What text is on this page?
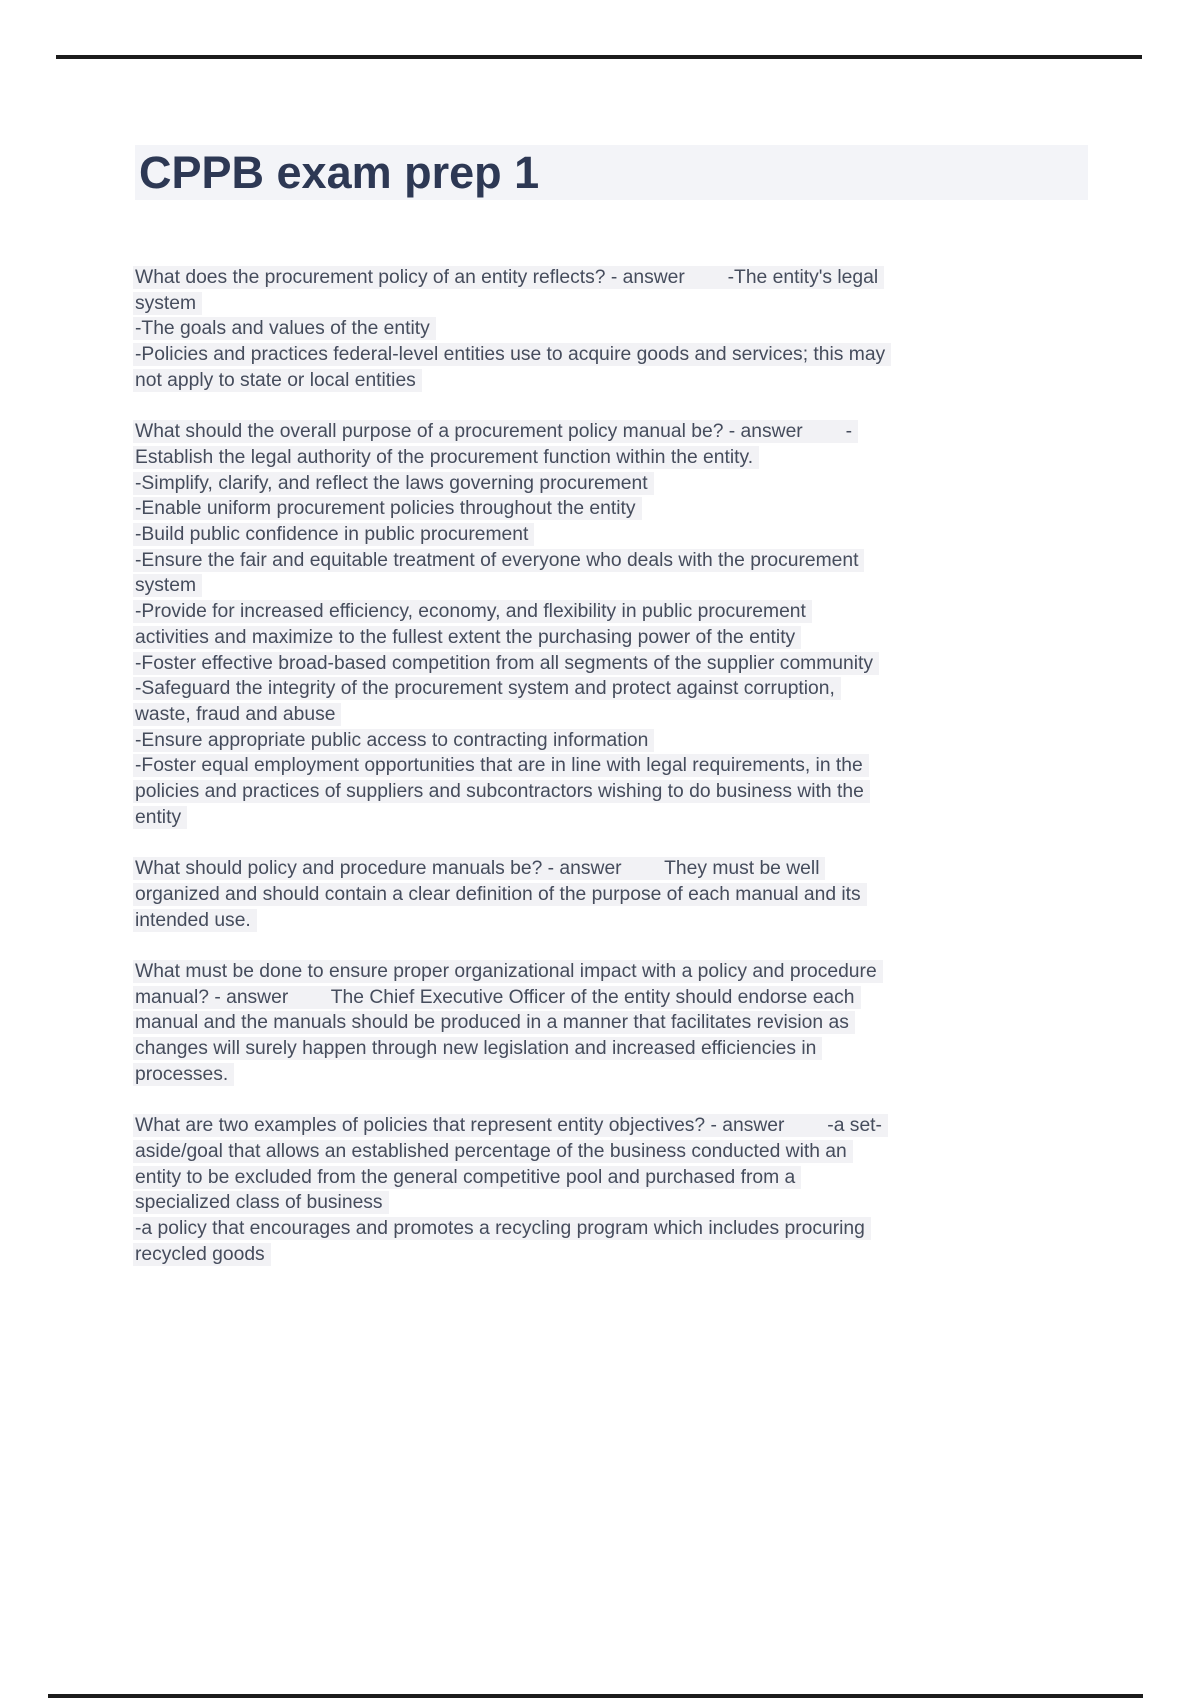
CPPB exam prep 1
What does the procurement policy of an entity reflects? - answer        -The entity's legal
system
-The goals and values of the entity
-Policies and practices federal-level entities use to acquire goods and services; this may
not apply to state or local entities
What should the overall purpose of a procurement policy manual be? - answer        -
Establish the legal authority of the procurement function within the entity.
-Simplify, clarify, and reflect the laws governing procurement
-Enable uniform procurement policies throughout the entity
-Build public confidence in public procurement
-Ensure the fair and equitable treatment of everyone who deals with the procurement
system
-Provide for increased efficiency, economy, and flexibility in public procurement
activities and maximize to the fullest extent the purchasing power of the entity
-Foster effective broad-based competition from all segments of the supplier community
-Safeguard the integrity of the procurement system and protect against corruption,
waste, fraud and abuse
-Ensure appropriate public access to contracting information
-Foster equal employment opportunities that are in line with legal requirements, in the
policies and practices of suppliers and subcontractors wishing to do business with the
entity
What should policy and procedure manuals be? - answer        They must be well
organized and should contain a clear definition of the purpose of each manual and its
intended use.
What must be done to ensure proper organizational impact with a policy and procedure
manual? - answer        The Chief Executive Officer of the entity should endorse each
manual and the manuals should be produced in a manner that facilitates revision as
changes will surely happen through new legislation and increased efficiencies in
processes.
What are two examples of policies that represent entity objectives? - answer        -a set-
aside/goal that allows an established percentage of the business conducted with an
entity to be excluded from the general competitive pool and purchased from a
specialized class of business
-a policy that encourages and promotes a recycling program which includes procuring
recycled goods
